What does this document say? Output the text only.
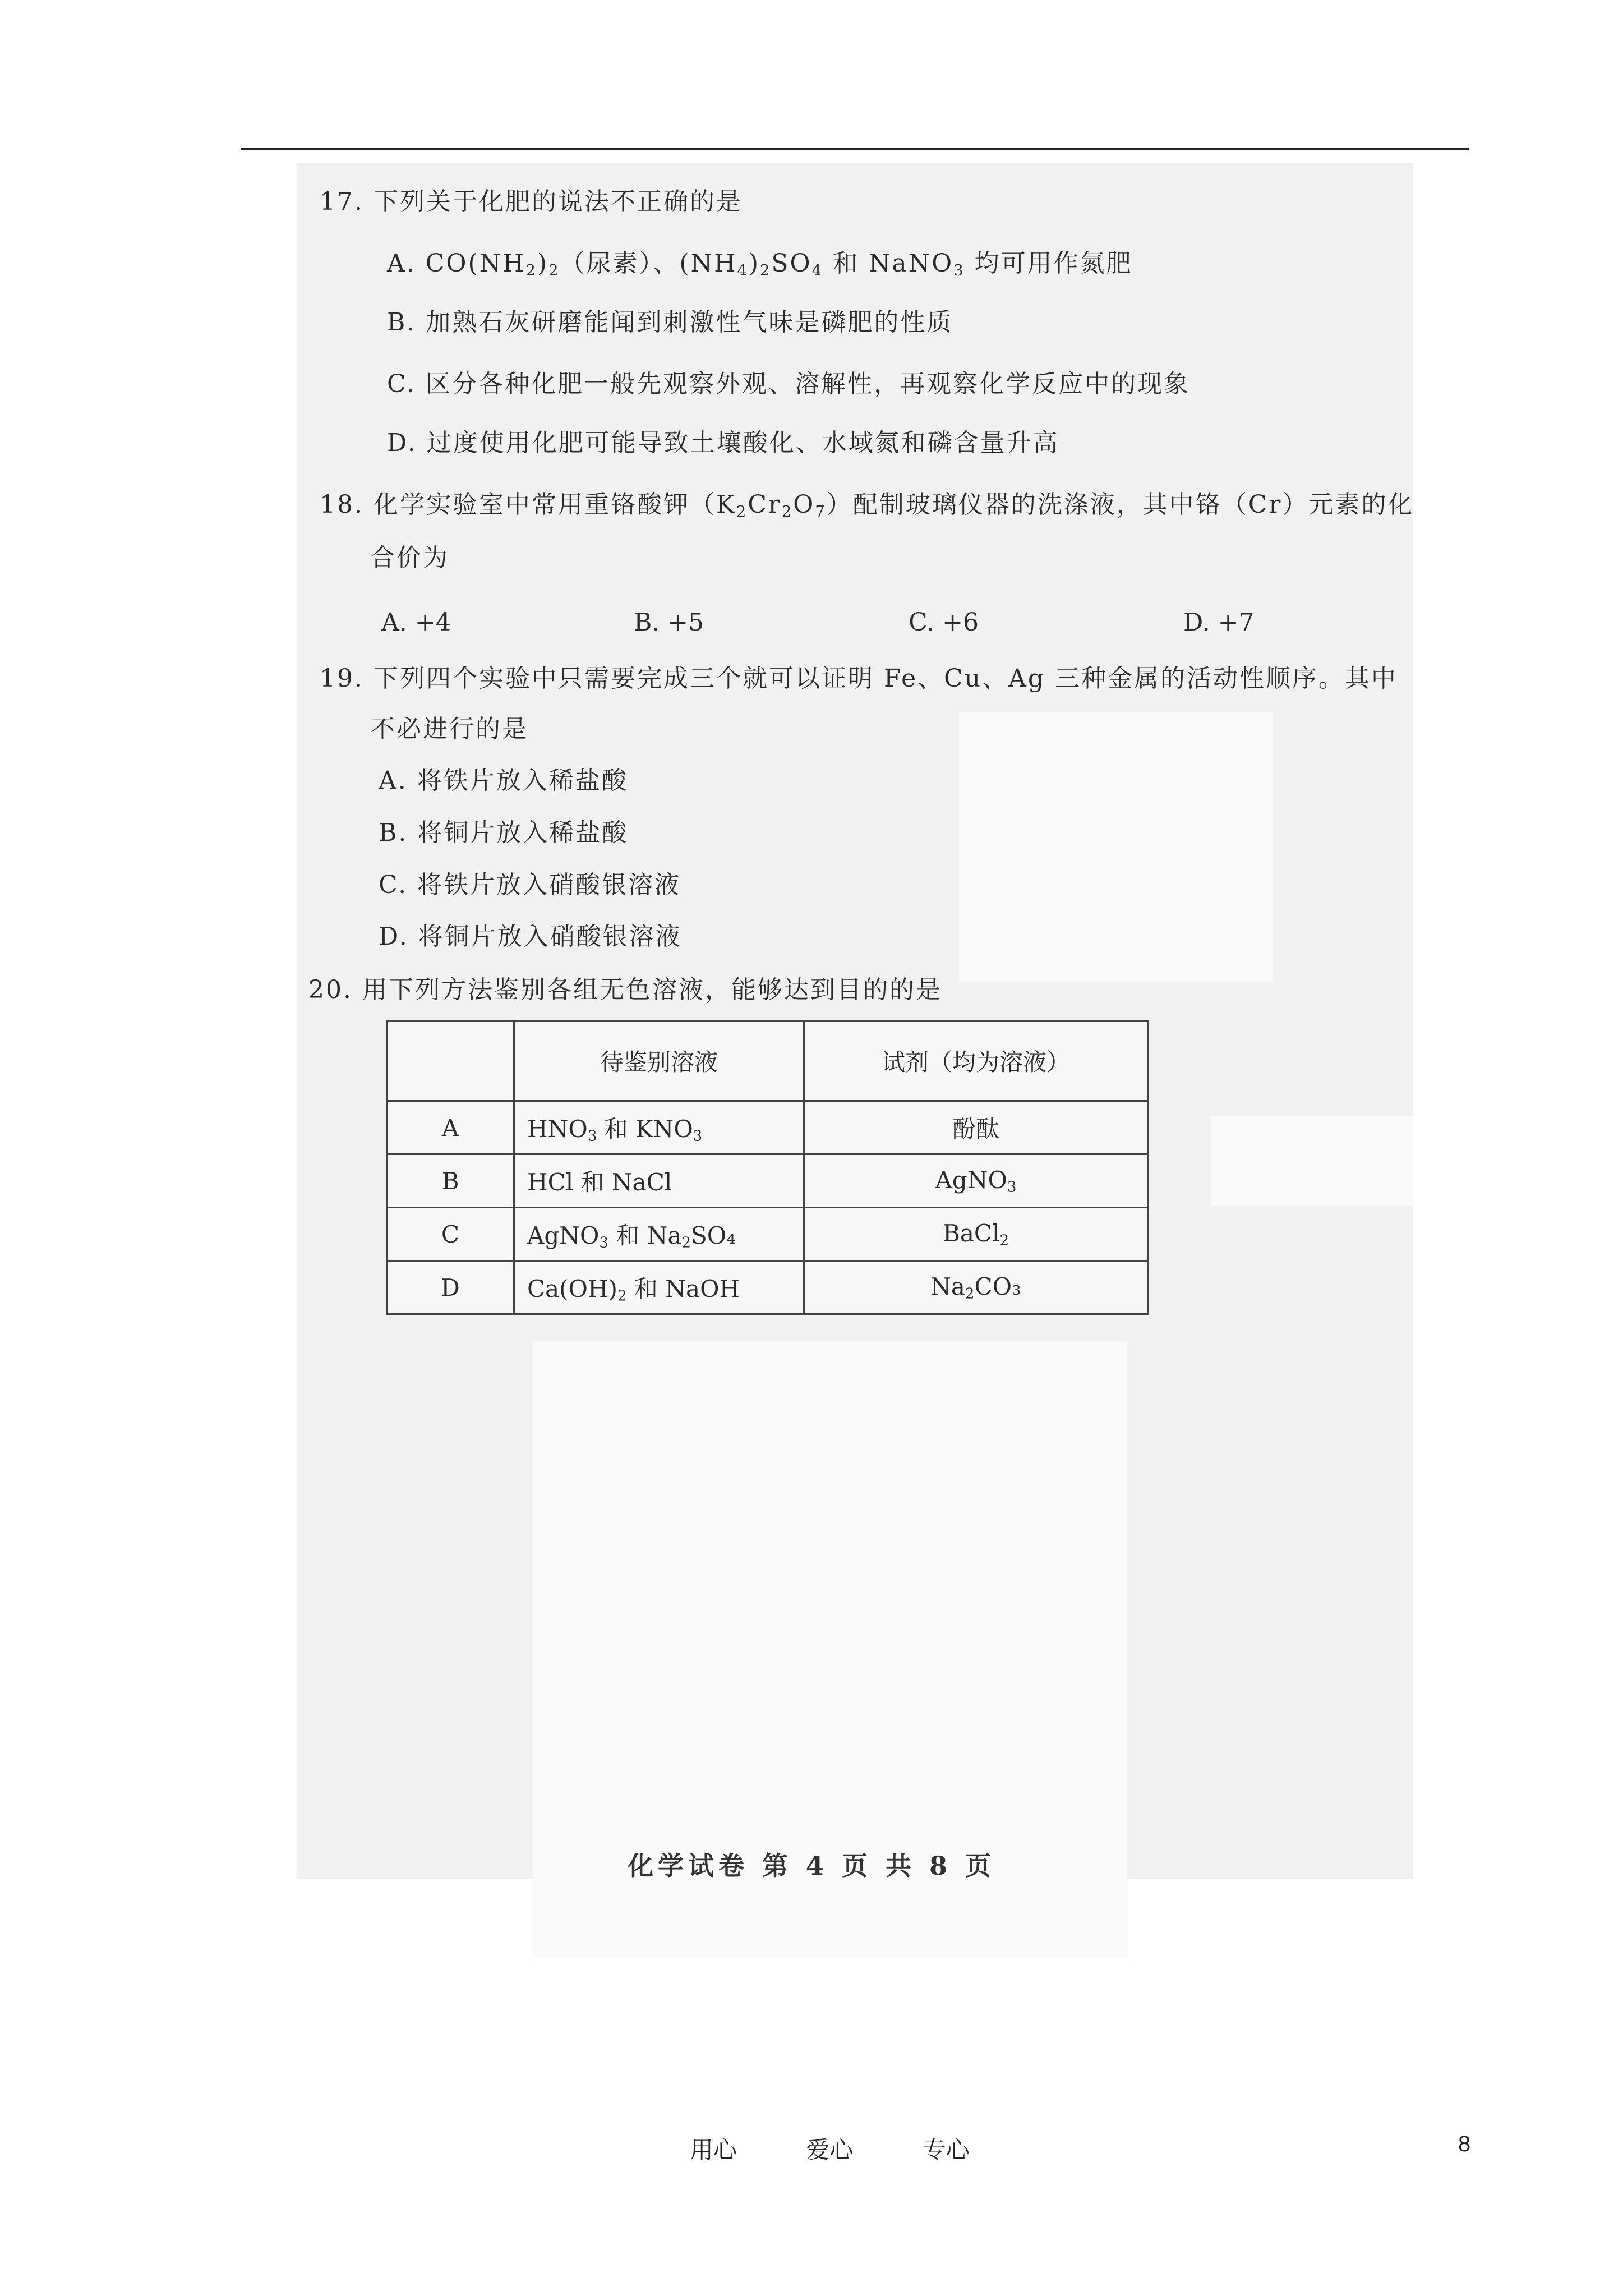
17. 下列关于化肥的说法不正确的是
A. $CO(NH_2)_2$（尿素）、$(NH_4)_2SO_4$ 和 NaNO$_3$ 均可用作氮肥
B. 加熟石灰研磨能闻到刺激性气味是磷肥的性质
C. 区分各种化肥一般先观察外观、溶解性，再观察化学反应中的现象
D. 过度使用化肥可能导致土壤酸化、水域氮和磷含量升高
18. 化学实验室中常用重铬酸钾$(K_2Cr_2O_7)$配制玻璃仪器的洗涤液，其中铬（Cr）元素的化
合价为
A. +4	B. +5	C. +6	D. +7
19. 下列四个实验中只需要完成三个就可以证明 Fe、Cu、Ag 三种金属的活动性顺序。其中
不必进行的是
A. 将铁片放入稀盐酸
B. 将铜片放入稀盐酸
C. 将铁片放入硝酸银溶液
D. 将铜片放入硝酸银溶液
20. 用下列方法鉴别各组无色溶液，能够达到目的的是
	待鉴别溶液	试剂（均为溶液）
A	$HNO_3$ 和 $KNO_3$	酚酞
B	HCl 和 NaCl	AgNO$_3$
C	AgNO$_3$ 和 $Na_2SO_4$	BaCl$_2$
D	$Ca(OH)_2$ 和 NaOH	$Na_2CO_3$
化学试卷 第 4 页 共 8 页
用心	爱心	专心	8
